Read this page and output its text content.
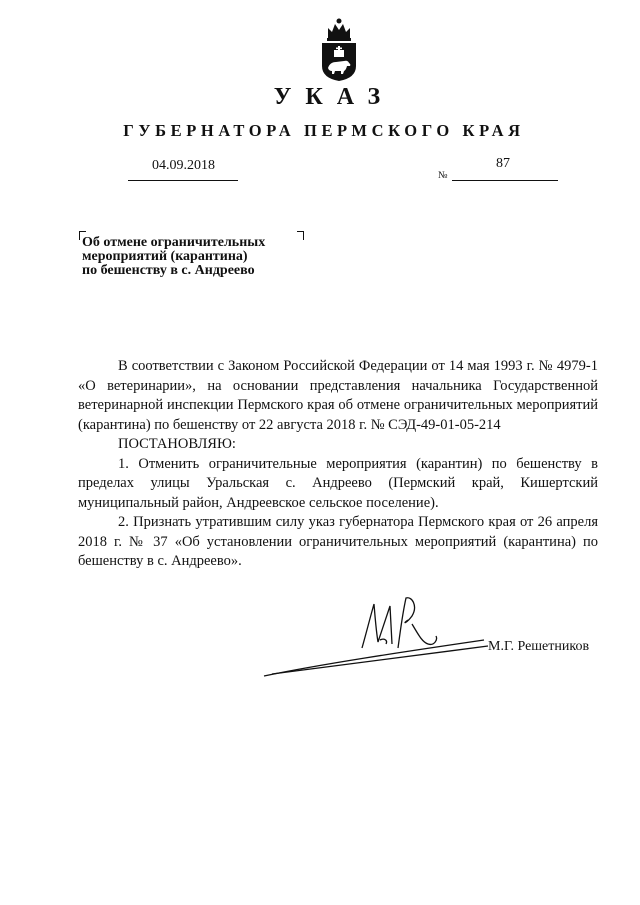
УКАЗ
ГУБЕРНАТОРА ПЕРМСКОГО КРАЯ
04.09.2018
№
87
Об отмене ограничительных
мероприятий (карантина)
по бешенству в с. Андреево

В соответствии с Законом Российской Федерации от 14 мая 1993 г. № 4979-1 «О ветеринарии», на основании представления начальника Государственной ветеринарной инспекции Пермского края об отмене ограничительных мероприятий (карантина) по бешенству от 22 августа 2018 г. № СЭД-49-01-05-214

ПОСТАНОВЛЯЮ:

1. Отменить ограничительные мероприятия (карантин) по бешенству в пределах улицы Уральская с. Андреево (Пермский край, Кишертский муниципальный район, Андреевское сельское поселение).

2. Признать утратившим силу указ губернатора Пермского края от 26 апреля 2018 г. № 37 «Об установлении ограничительных мероприятий (карантина) по бешенству в с. Андреево».

М.Г. Решетников
